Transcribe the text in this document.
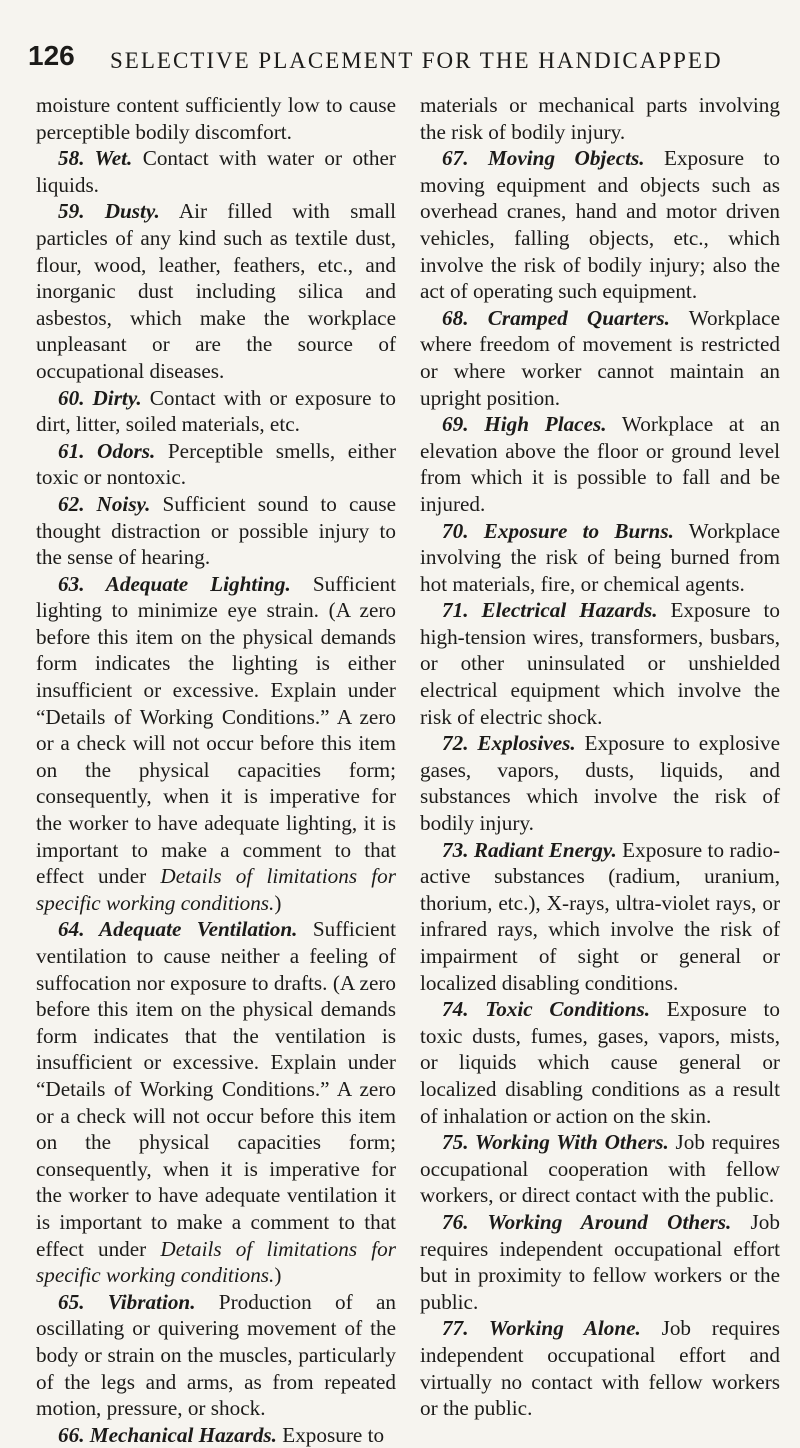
126 SELECTIVE PLACEMENT FOR THE HANDICAPPED

moisture content sufficiently low to cause perceptible bodily discomfort.

58. Wet. Contact with water or other liquids.

59. Dusty. Air filled with small particles of any kind such as textile dust, flour, wood, leather, feathers, etc., and inorganic dust including silica and asbestos, which make the workplace unpleasant or are the source of occupational diseases.

60. Dirty. Contact with or exposure to dirt, litter, soiled materials, etc.

61. Odors. Perceptible smells, either toxic or nontoxic.

62. Noisy. Sufficient sound to cause thought distraction or possible injury to the sense of hearing.

63. Adequate Lighting. Sufficient lighting to minimize eye strain. (A zero before this item on the physical demands form indicates the lighting is either insufficient or excessive. Explain under “Details of Working Conditions.” A zero or a check will not occur before this item on the physical capacities form; consequently, when it is imperative for the worker to have adequate lighting, it is important to make a comment to that effect under Details of limitations for specific working conditions.)

64. Adequate Ventilation. Sufficient ventilation to cause neither a feeling of suffocation nor exposure to drafts. (A zero before this item on the physical demands form indicates that the ventilation is insufficient or excessive. Explain under “Details of Working Conditions.” A zero or a check will not occur before this item on the physical capacities form; consequently, when it is imperative for the worker to have adequate ventilation it is important to make a comment to that effect under Details of limitations for specific working conditions.)

65. Vibration. Production of an oscillating or quivering movement of the body or strain on the muscles, particularly of the legs and arms, as from repeated motion, pressure, or shock.

66. Mechanical Hazards. Exposure to

materials or mechanical parts involving the risk of bodily injury.

67. Moving Objects. Exposure to moving equipment and objects such as overhead cranes, hand and motor driven vehicles, falling objects, etc., which involve the risk of bodily injury; also the act of operating such equipment.

68. Cramped Quarters. Workplace where freedom of movement is restricted or where worker cannot maintain an upright position.

69. High Places. Workplace at an elevation above the floor or ground level from which it is possible to fall and be injured.

70. Exposure to Burns. Workplace involving the risk of being burned from hot materials, fire, or chemical agents.

71. Electrical Hazards. Exposure to high-tension wires, transformers, busbars, or other uninsulated or unshielded electrical equipment which involve the risk of electric shock.

72. Explosives. Exposure to explosive gases, vapors, dusts, liquids, and substances which involve the risk of bodily injury.

73. Radiant Energy. Exposure to radio-active substances (radium, uranium, thorium, etc.), X-rays, ultra-violet rays, or infrared rays, which involve the risk of impairment of sight or general or localized disabling conditions.

74. Toxic Conditions. Exposure to toxic dusts, fumes, gases, vapors, mists, or liquids which cause general or localized disabling conditions as a result of inhalation or action on the skin.

75. Working With Others. Job requires occupational cooperation with fellow workers, or direct contact with the public.

76. Working Around Others. Job requires independent occupational effort but in proximity to fellow workers or the public.

77. Working Alone. Job requires independent occupational effort and virtually no contact with fellow workers or the public.
